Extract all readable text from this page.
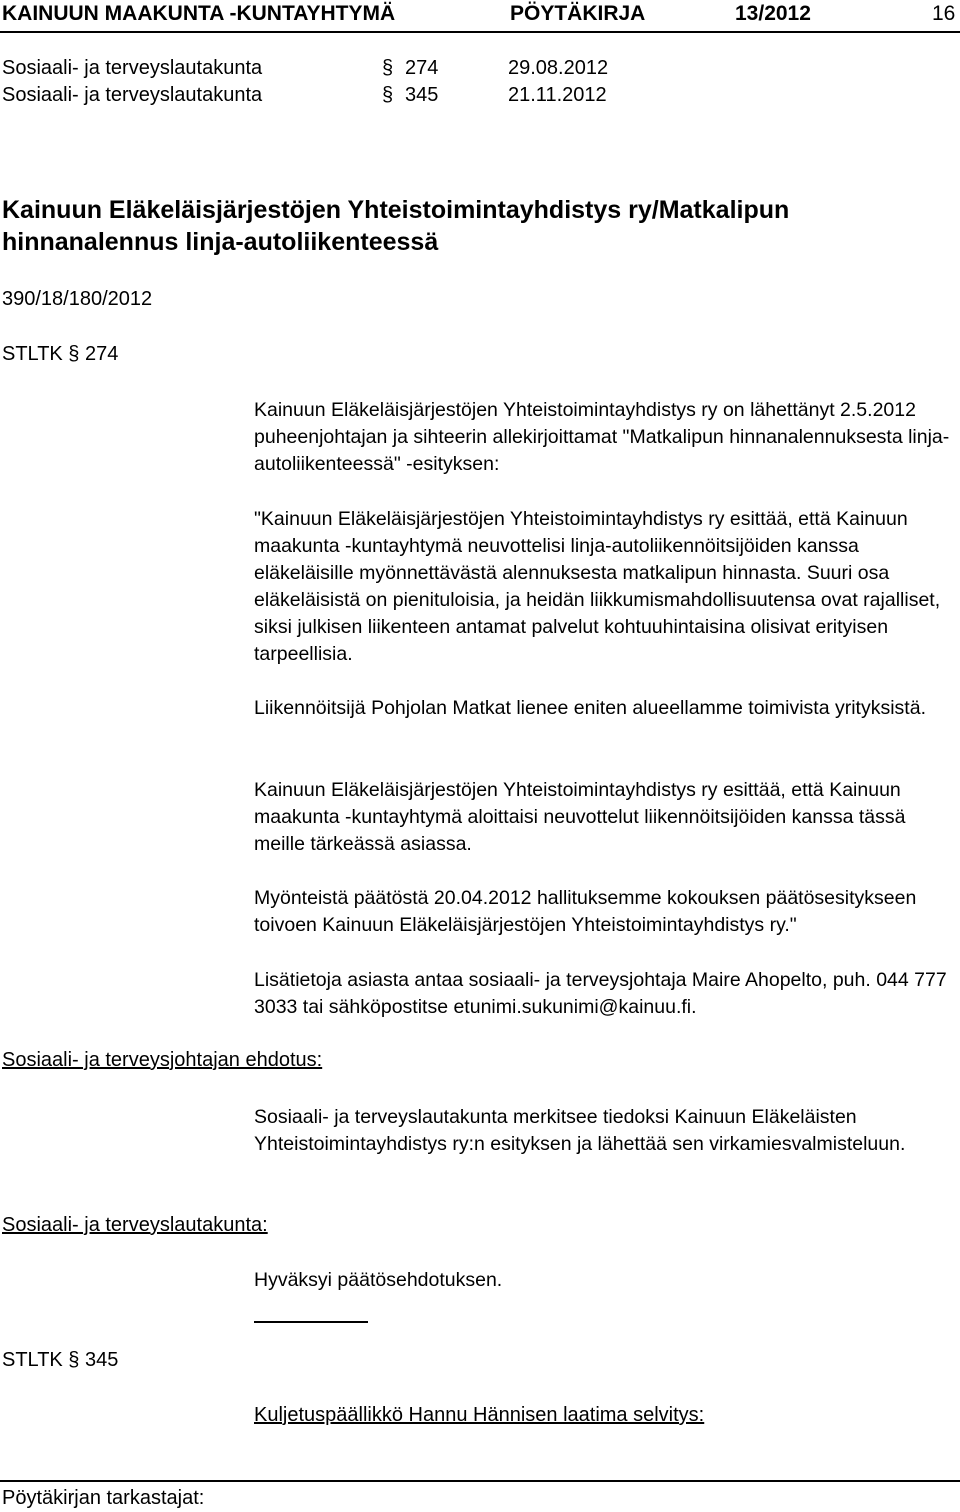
KAINUUN MAAKUNTA -KUNTAYHTYMÄ	PÖYTÄKIRJA	13/2012	16
Sosiaali- ja terveyslautakunta	§ 274	29.08.2012
Sosiaali- ja terveyslautakunta	§ 345	21.11.2012
Kainuun Eläkeläisjärjestöjen Yhteistoimintayhdistys ry/Matkalipun hinnanalennus linja-autoliikenteessä
390/18/180/2012
STLTK § 274

Kainuun Eläkeläisjärjestöjen Yhteistoimintayhdistys ry on lähettänyt 2.5.2012 puheenjohtajan ja sihteerin allekirjoittamat "Matkalipun hinnanalennuksesta linja-autoliikenteessä" -esityksen:

"Kainuun Eläkeläisjärjestöjen Yhteistoimintayhdistys ry esittää, että Kainuun maakunta -kuntayhtymä neuvottelisi linja-autoliikennöitsijöiden kanssa eläkeläisille myönnettävästä alennuksesta matkalipun hinnasta. Suuri osa eläkeläisistä on pienituloisia, ja heidän liikkumismahdollisuutensa ovat rajalliset, siksi julkisen liikenteen antamat palvelut kohtuuhintaisina olisivat erityisen tarpeellisia.

Liikennöitsijä Pohjolan Matkat lienee eniten alueellamme toimivista yrityksistä.

Kainuun Eläkeläisjärjestöjen Yhteistoimintayhdistys ry esittää, että Kainuun maakunta -kuntayhtymä aloittaisi neuvottelut liikennöitsijöiden kanssa tässä meille tärkeässä asiassa.

Myönteistä päätöstä 20.04.2012 hallituksemme kokouksen päätösesitykseen toivoen Kainuun Eläkeläisjärjestöjen Yhteistoimintayhdistys ry."

Lisätietoja asiasta antaa sosiaali- ja terveysjohtaja Maire Ahopelto, puh. 044 777 3033 tai sähköpostitse etunimi.sukunimi@kainuu.fi.

Sosiaali- ja terveysjohtajan ehdotus:

Sosiaali- ja terveyslautakunta merkitsee tiedoksi Kainuun Eläkeläisten Yhteistoimintayhdistys ry:n esityksen ja lähettää sen virkamiesvalmisteluun.

Sosiaali- ja terveyslautakunta:

Hyväksyi päätösehdotuksen.

STLTK § 345
Kuljetuspäällikkö Hannu Hännisen laatima selvitys:
Pöytäkirjan tarkastajat:
